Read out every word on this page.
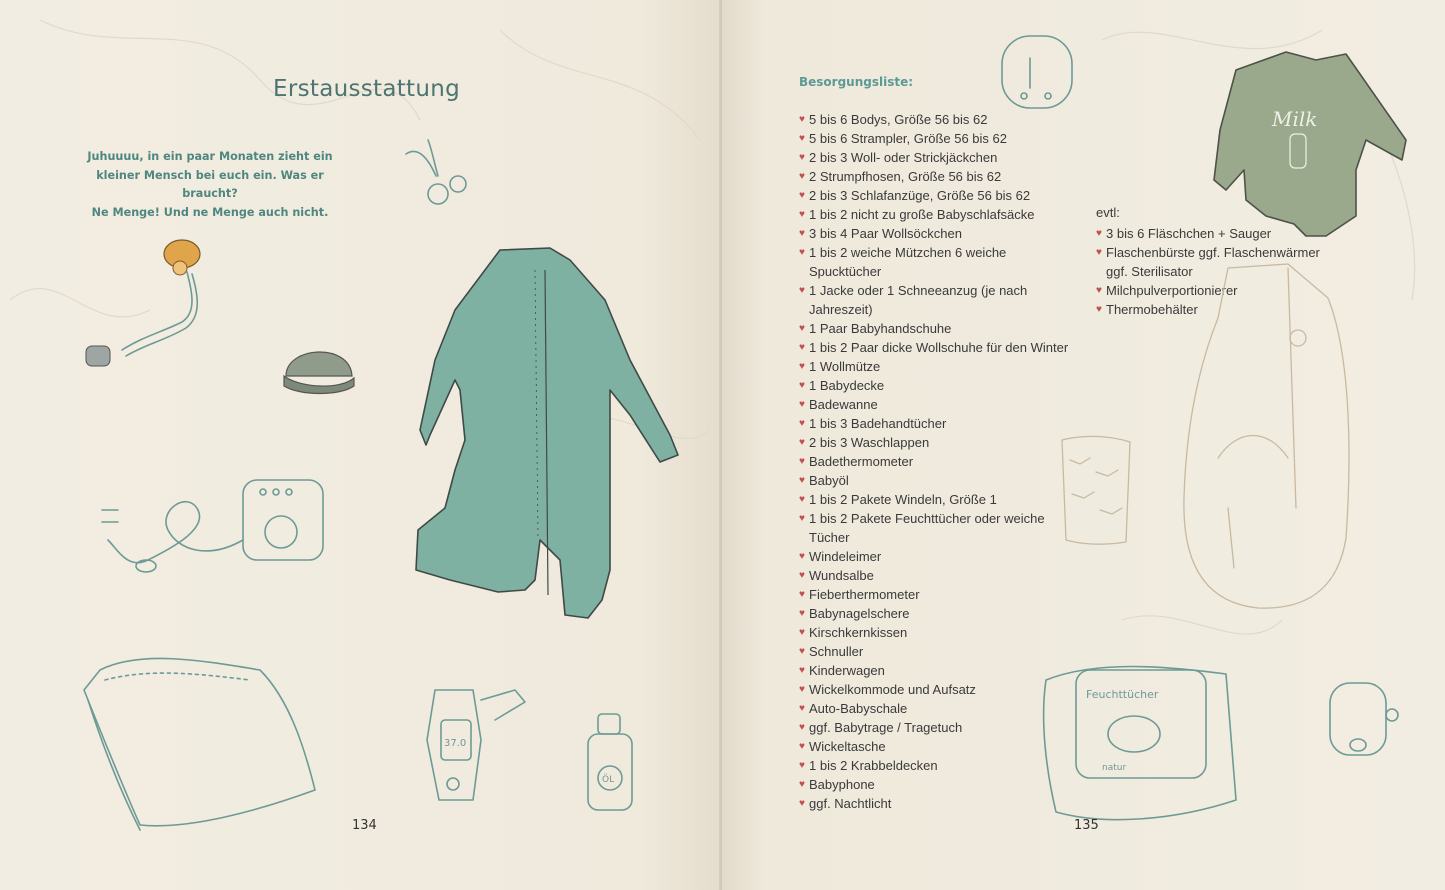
Erstausstattung
Juhuuuu, in ein paar Monaten zieht ein
kleiner Mensch bei euch ein. Was er braucht?
Ne Menge! Und ne Menge auch nicht.
37.0
ÖL
134
Besorgungsliste:
♥ 5 bis 6 Bodys, Größe 56 bis 62
♥ 5 bis 6 Strampler, Größe 56 bis 62
♥ 2 bis 3 Woll- oder Strickjäckchen
♥ 2 Strumpfhosen, Größe 56 bis 62
♥ 2 bis 3 Schlafanzüge, Größe 56 bis 62
♥ 1 bis 2 nicht zu große Babyschlafsäcke
♥ 3 bis 4 Paar Wollsöckchen
♥ 1 bis 2 weiche Mützchen 6 weiche
Spucktücher
♥ 1 Jacke oder 1 Schneeanzug (je nach
Jahreszeit)
♥ 1 Paar Babyhandschuhe
♥ 1 bis 2 Paar dicke Wollschuhe für den Winter
♥ 1 Wollmütze
♥ 1 Babydecke
♥ Badewanne
♥ 1 bis 3 Badehandtücher
♥ 2 bis 3 Waschlappen
♥ Badethermometer
♥ Babyöl
♥ 1 bis 2 Pakete Windeln, Größe 1
♥ 1 bis 2 Pakete Feuchttücher oder weiche
Tücher
♥ Windeleimer
♥ Wundsalbe
♥ Fieberthermometer
♥ Babynagelschere
♥ Kirschkernkissen
♥ Schnuller
♥ Kinderwagen
♥ Wickelkommode und Aufsatz
♥ Auto-Babyschale
♥ ggf. Babytrage / Tragetuch
♥ Wickeltasche
♥ 1 bis 2 Krabbeldecken
♥ Babyphone
♥ ggf. Nachtlicht
evtl:
♥ 3 bis 6 Fläschchen + Sauger
♥ Flaschenbürste ggf. Flaschenwärmer
ggf. Sterilisator
♥ Milchpulverportionierer
♥ Thermobehälter
Milk
Feuchttücher
natur
135
